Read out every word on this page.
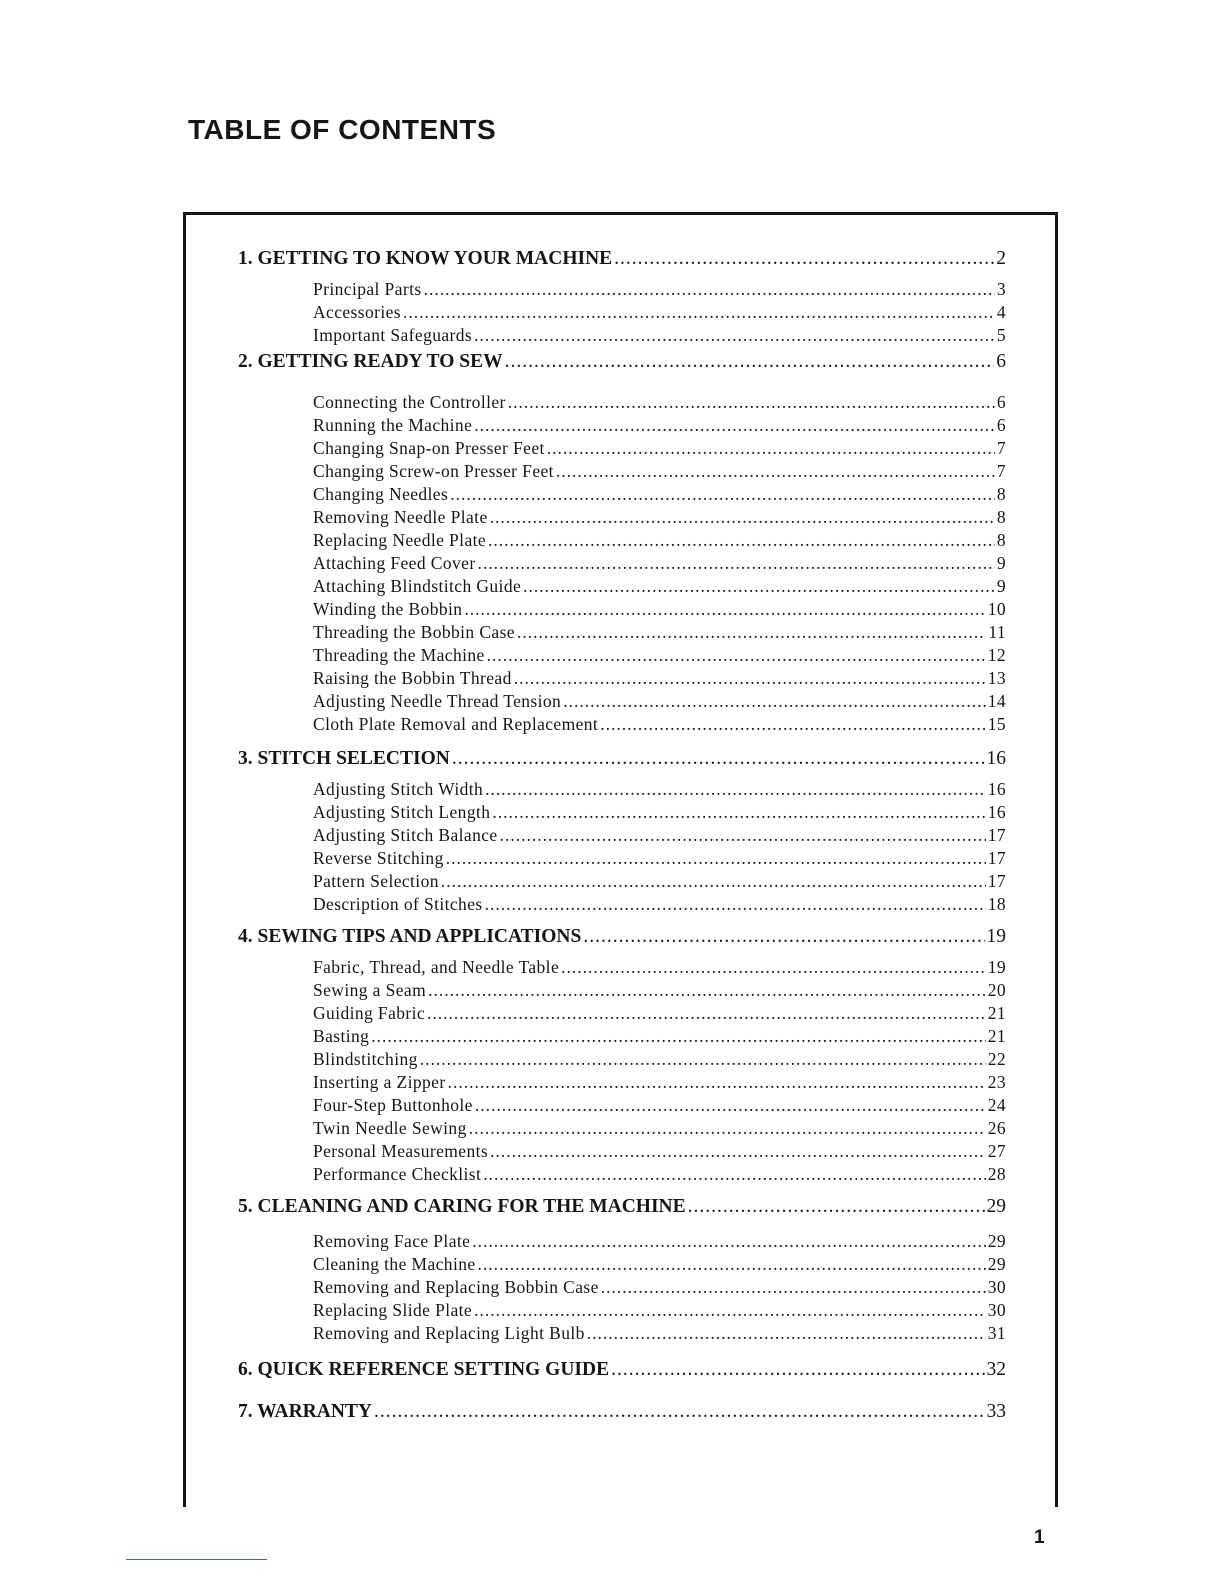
TABLE OF CONTENTS
1. GETTING TO KNOW YOUR MACHINE .....	2
Principal Parts .....	3
Accessories .....	4
Important Safeguards .....	5
2. GETTING READY TO SEW .....	6
Connecting the Controller .....	6
Running the Machine .....	6
Changing Snap-on Presser Feet .....	7
Changing Screw-on Presser Feet .....	7
Changing Needles .....	8
Removing Needle Plate .....	8
Replacing Needle Plate .....	8
Attaching Feed Cover .....	9
Attaching Blindstitch Guide .....	9
Winding the Bobbin .....	10
Threading the Bobbin Case .....	11
Threading the Machine .....	12
Raising the Bobbin Thread .....	13
Adjusting Needle Thread Tension .....	14
Cloth Plate Removal and Replacement .....	15
3. STITCH SELECTION .....	16
Adjusting Stitch Width .....	16
Adjusting Stitch Length .....	16
Adjusting Stitch Balance .....	17
Reverse Stitching .....	17
Pattern Selection .....	17
Description of Stitches .....	18
4. SEWING TIPS AND APPLICATIONS .....	19
Fabric, Thread, and Needle Table .....	19
Sewing a Seam .....	20
Guiding Fabric .....	21
Basting .....	21
Blindstitching .....	22
Inserting a Zipper .....	23
Four-Step Buttonhole .....	24
Twin Needle Sewing .....	26
Personal Measurements .....	27
Performance Checklist .....	28
5. CLEANING AND CARING FOR THE MACHINE .....	29
Removing Face Plate .....	29
Cleaning the Machine .....	29
Removing and Replacing Bobbin Case .....	30
Replacing Slide Plate .....	30
Removing and Replacing Light Bulb .....	31
6. QUICK REFERENCE SETTING GUIDE .....	32
7. WARRANTY .....	33
1
